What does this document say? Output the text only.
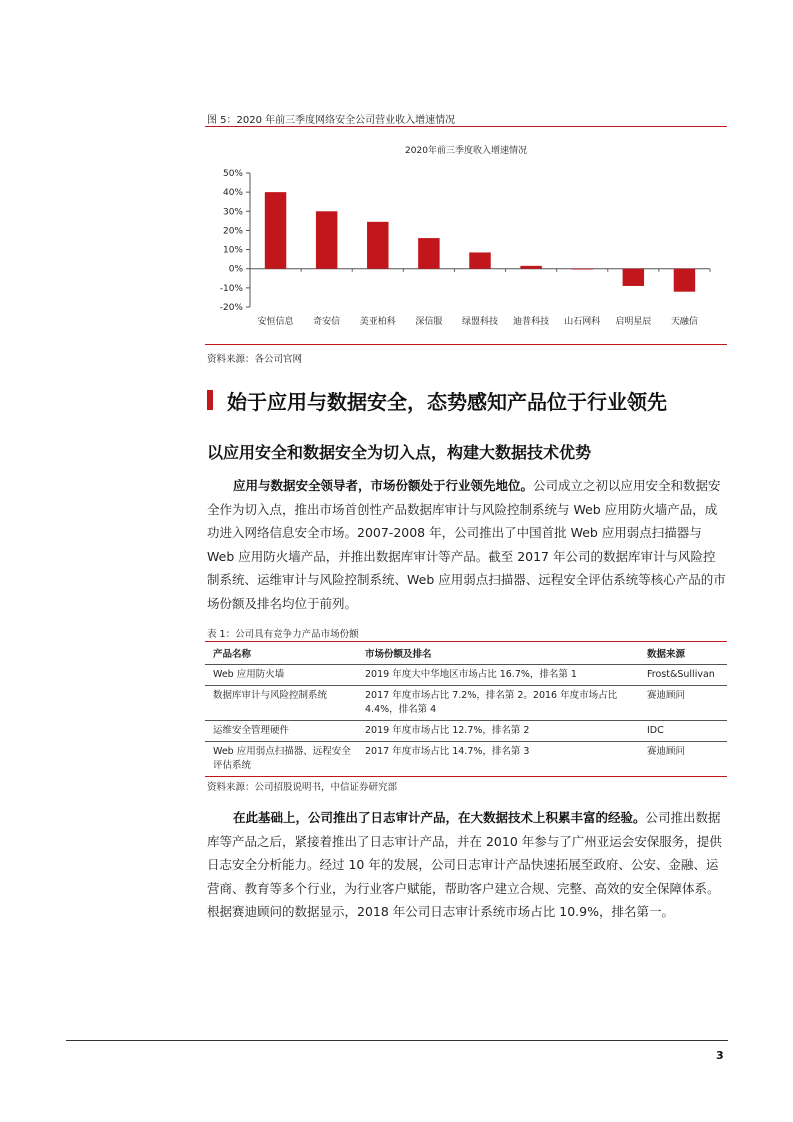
图 5：2020 年前三季度网络安全公司营业收入增速情况
2020年前三季度收入增速情况
50%
40%
30%
20%
10%
0%
-10%
-20%
安恒信息 奇安信 美亚柏科 深信服 绿盟科技 迪普科技 山石网科 启明星辰 天融信
资料来源：各公司官网
始于应用与数据安全，态势感知产品位于行业领先
以应用安全和数据安全为切入点，构建大数据技术优势

应用与数据安全领导者，市场份额处于行业领先地位。公司成立之初以应用安全和数据安全作为切入点，推出市场首创性产品数据库审计与风险控制系统与 Web 应用防火墙产品，成功进入网络信息安全市场。2007-2008 年，公司推出了中国首批 Web 应用弱点扫描器与 Web 应用防火墙产品，并推出数据库审计等产品。截至 2017 年公司的数据库审计与风险控制系统、运维审计与风险控制系统、Web 应用弱点扫描器、远程安全评估系统等核心产品的市场份额及排名均位于前列。

表 1：公司具有竞争力产品市场份额
产品名称	市场份额及排名	数据来源
Web 应用防火墙	2019 年度大中华地区市场占比 16.7%，排名第 1	Frost&Sullivan
数据库审计与风险控制系统	2017 年度市场占比 7.2%，排名第 2。2016 年度市场占比 4.4%，排名第 4	赛迪顾问
运维安全管理硬件	2019 年度市场占比 12.7%，排名第 2	IDC
Web 应用弱点扫描器、远程安全评估系统	2017 年度市场占比 14.7%，排名第 3	赛迪顾问
资料来源：公司招股说明书，中信证券研究部

在此基础上，公司推出了日志审计产品，在大数据技术上积累丰富的经验。公司推出数据库等产品之后，紧接着推出了日志审计产品，并在 2010 年参与了广州亚运会安保服务，提供日志安全分析能力。经过 10 年的发展，公司日志审计产品快速拓展至政府、公安、金融、运营商、教育等多个行业，为行业客户赋能，帮助客户建立合规、完整、高效的安全保障体系。根据赛迪顾问的数据显示，2018 年公司日志审计系统市场占比 10.9%，排名第一。

3
